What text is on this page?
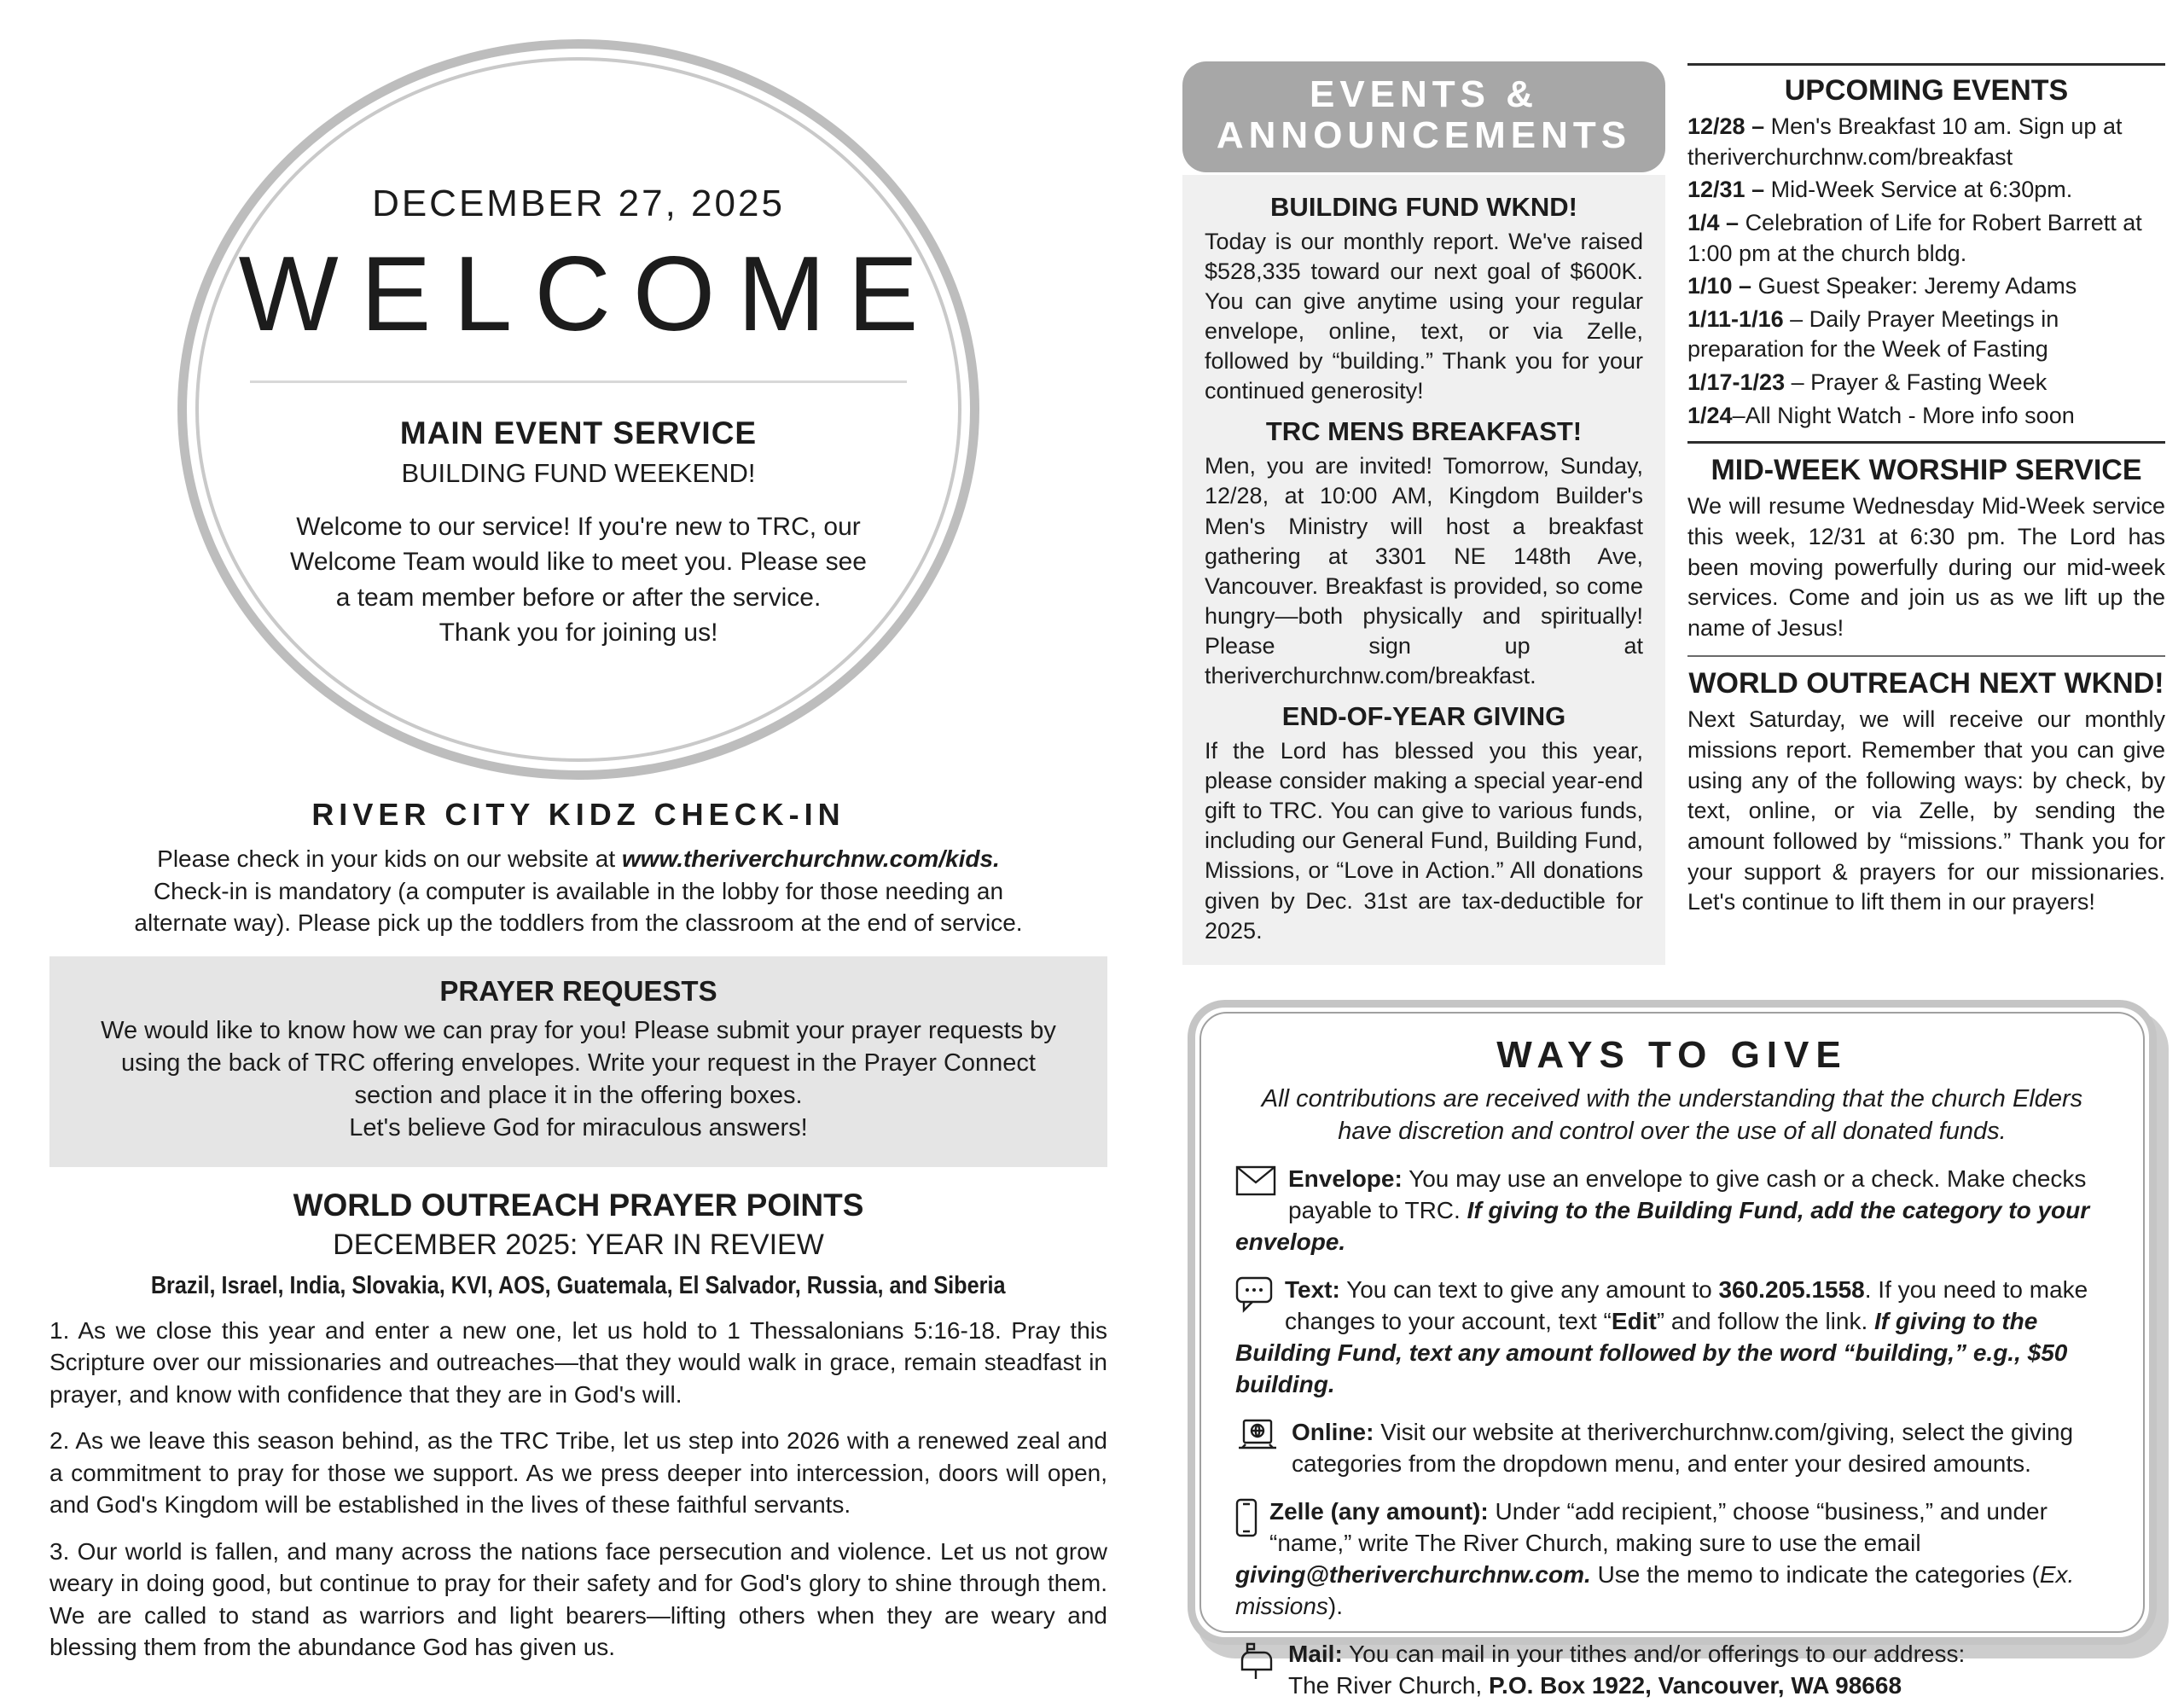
DECEMBER 27, 2025
WELCOME
MAIN EVENT SERVICE
BUILDING FUND WEEKEND!
Welcome to our service! If you're new to TRC, our
Welcome Team would like to meet you. Please see
a team member before or after the service.
Thank you for joining us!
RIVER CITY KIDZ CHECK-IN

Please check in your kids on our website at www.theriverchurchnw.com/kids.
Check-in is mandatory (a computer is available in the lobby for those needing an
alternate way). Please pick up the toddlers from the classroom at the end of service.

PRAYER REQUESTS

We would like to know how we can pray for you! Please submit your prayer requests by using the back of TRC offering envelopes. Write your request in the Prayer Connect section and place it in the offering boxes.

Let's believe God for miraculous answers!

WORLD OUTREACH PRAYER POINTS
DECEMBER 2025: YEAR IN REVIEW
Brazil, Israel, India, Slovakia, KVI, AOS, Guatemala, El Salvador, Russia, and Siberia

1. As we close this year and enter a new one, let us hold to 1 Thessalonians 5:16-18. Pray this Scripture over our missionaries and outreaches—that they would walk in grace, remain steadfast in prayer, and know with confidence that they are in God's will.

2. As we leave this season behind, as the TRC Tribe, let us step into 2026 with a renewed zeal and a commitment to pray for those we support. As we press deeper into intercession, doors will open, and God's Kingdom will be established in the lives of these faithful servants.

3. Our world is fallen, and many across the nations face persecution and violence. Let us not grow weary in doing good, but continue to pray for their safety and for God's glory to shine through them. We are called to stand as warriors and light bearers—lifting others when they are weary and blessing them from the abundance God has given us.

EVENTS &
ANNOUNCEMENTS
BUILDING FUND WKND!

Today is our monthly report. We've raised $528,335 toward our next goal of $600K. You can give anytime using your regular envelope, online, text, or via Zelle, followed by “building.” Thank you for your continued generosity!

TRC MENS BREAKFAST!

Men, you are invited! Tomorrow, Sunday, 12/28, at 10:00 AM, Kingdom Builder's Men's Ministry will host a breakfast gathering at 3301 NE 148th Ave, Vancouver. Breakfast is provided, so come hungry—both physically and spiritually! Please sign up at theriverchurchnw.com/breakfast.

END-OF-YEAR GIVING

If the Lord has blessed you this year, please consider making a special year-end gift to TRC. You can give to various funds, including our General Fund, Building Fund, Missions, or “Love in Action.” All donations given by Dec. 31st are tax-deductible for 2025.

UPCOMING EVENTS

12/28 – Men's Breakfast 10 am. Sign up at theriverchurchnw.com/breakfast

12/31 – Mid-Week Service at 6:30pm.

1/4 – Celebration of Life for Robert Barrett at 1:00 pm at the church bldg.

1/10 – Guest Speaker: Jeremy Adams

1/11-1/16 – Daily Prayer Meetings in preparation for the Week of Fasting

1/17-1/23 – Prayer & Fasting Week

1/24–All Night Watch - More info soon

MID-WEEK WORSHIP SERVICE

We will resume Wednesday Mid-Week service this week, 12/31 at 6:30 pm. The Lord has been moving powerfully during our mid-week services. Come and join us as we lift up the name of Jesus!

WORLD OUTREACH NEXT WKND!

Next Saturday, we will receive our monthly missions report. Remember that you can give using any of the following ways: by check, by text, online, or via Zelle, by sending the amount followed by “missions.” Thank you for your support & prayers for our missionaries. Let's continue to lift them in our prayers!

WAYS TO GIVE

All contributions are received with the understanding that the church Elders have discretion and control over the use of all donated funds.

Envelope: You may use an envelope to give cash or a check. Make checks payable to TRC. If giving to the Building Fund, add the category to your envelope.
Text: You can text to give any amount to 360.205.1558. If you need to make changes to your account, text “Edit” and follow the link. If giving to the Building Fund, text any amount followed by the word “building,” e.g., $50 building.
Online: Visit our website at theriverchurchnw.com/giving, select the giving categories from the dropdown menu, and enter your desired amounts.
Zelle (any amount): Under “add recipient,” choose “business,” and under “name,” write The River Church, making sure to use the email giving@theriverchurchnw.com. Use the memo to indicate the categories (Ex. missions).
Mail: You can mail in your tithes and/or offerings to our address:
The River Church, P.O. Box 1922, Vancouver, WA 98668
